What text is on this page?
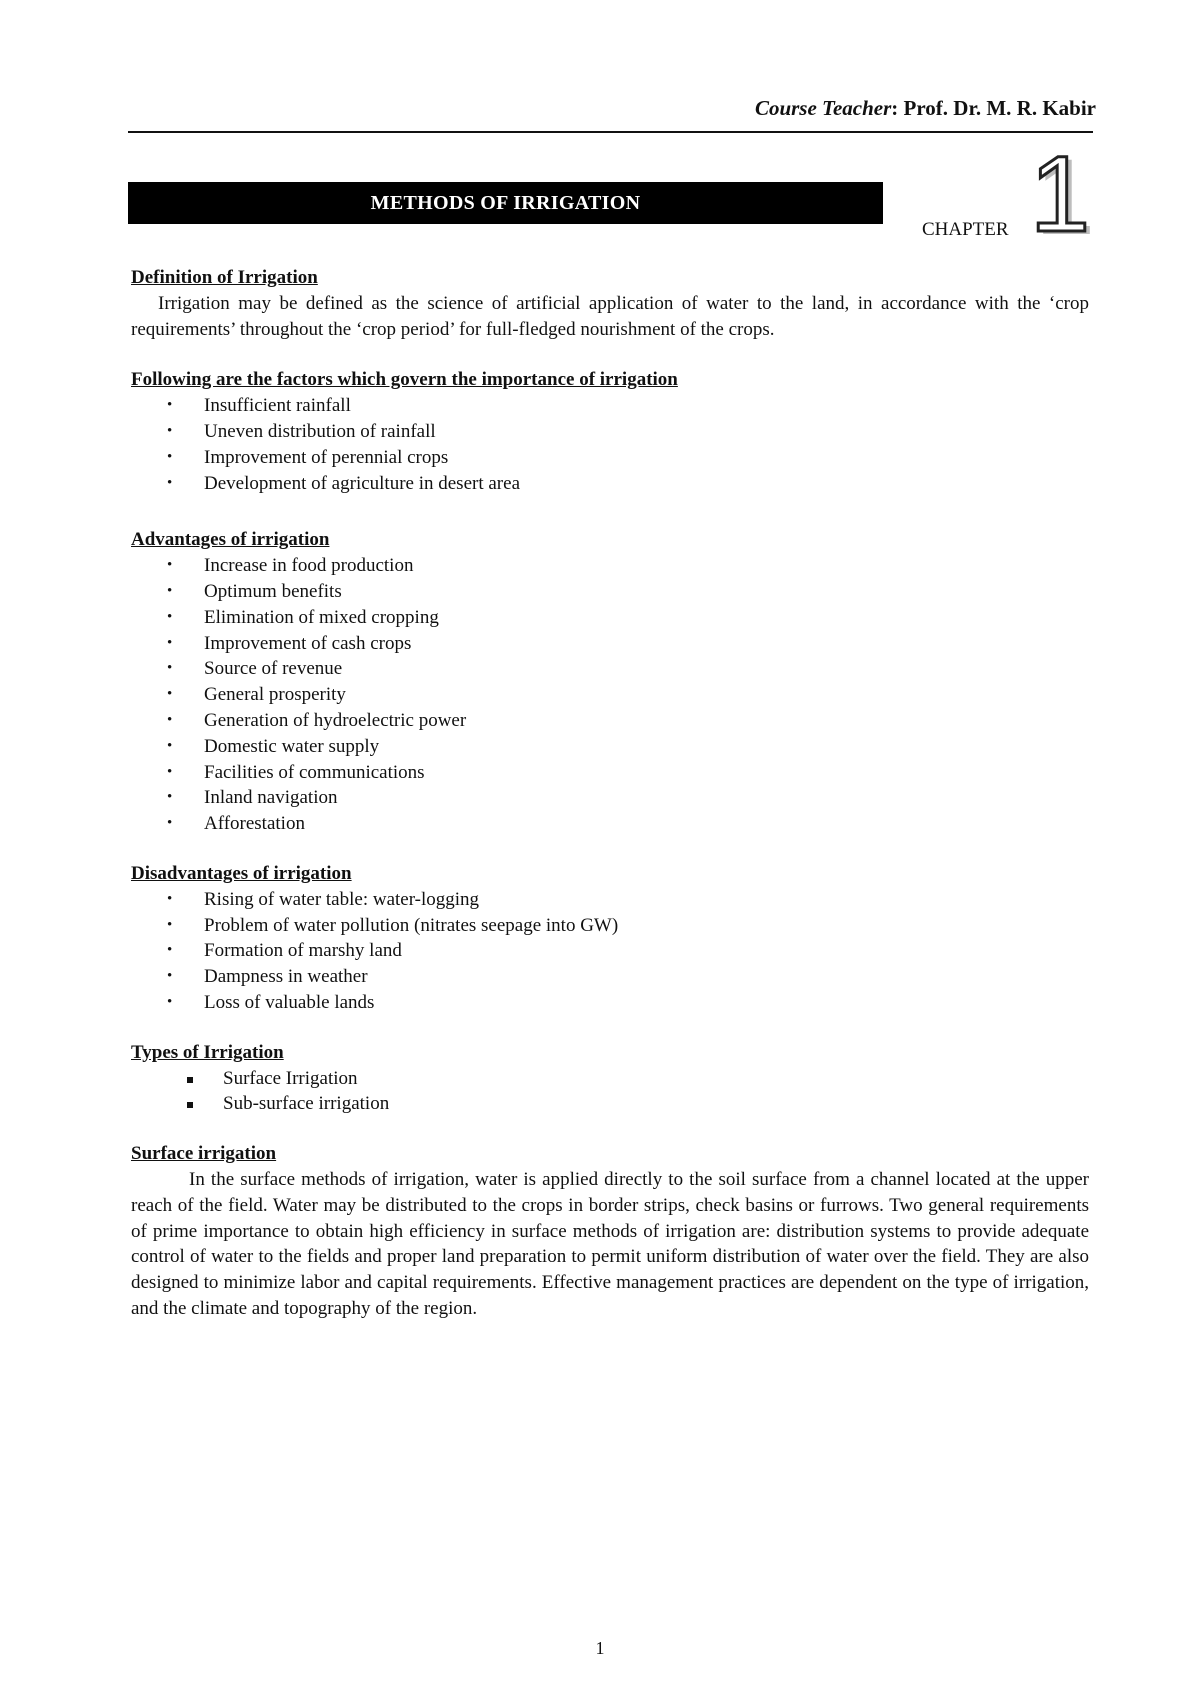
Course Teacher: Prof. Dr. M. R. Kabir
METHODS OF IRRIGATION
CHAPTER 1
Definition of Irrigation

Irrigation may be defined as the science of artificial application of water to the land, in accordance with the ‘crop requirements’ throughout the ‘crop period’ for full-fledged nourishment of the crops.

Following are the factors which govern the importance of irrigation
• Insufficient rainfall
• Uneven distribution of rainfall
• Improvement of perennial crops
• Development of agriculture in desert area
Advantages of irrigation
• Increase in food production
• Optimum benefits
• Elimination of mixed cropping
• Improvement of cash crops
• Source of revenue
• General prosperity
• Generation of hydroelectric power
• Domestic water supply
• Facilities of communications
• Inland navigation
• Afforestation
Disadvantages of irrigation
• Rising of water table: water-logging
• Problem of water pollution (nitrates seepage into GW)
• Formation of marshy land
• Dampness in weather
• Loss of valuable lands
Types of Irrigation
Surface Irrigation
Sub-surface irrigation
Surface irrigation

In the surface methods of irrigation, water is applied directly to the soil surface from a channel located at the upper reach of the field. Water may be distributed to the crops in border strips, check basins or furrows. Two general requirements of prime importance to obtain high efficiency in surface methods of irrigation are: distribution systems to provide adequate control of water to the fields and proper land preparation to permit uniform distribution of water over the field. They are also designed to minimize labor and capital requirements. Effective management practices are dependent on the type of irrigation, and the climate and topography of the region.

1
